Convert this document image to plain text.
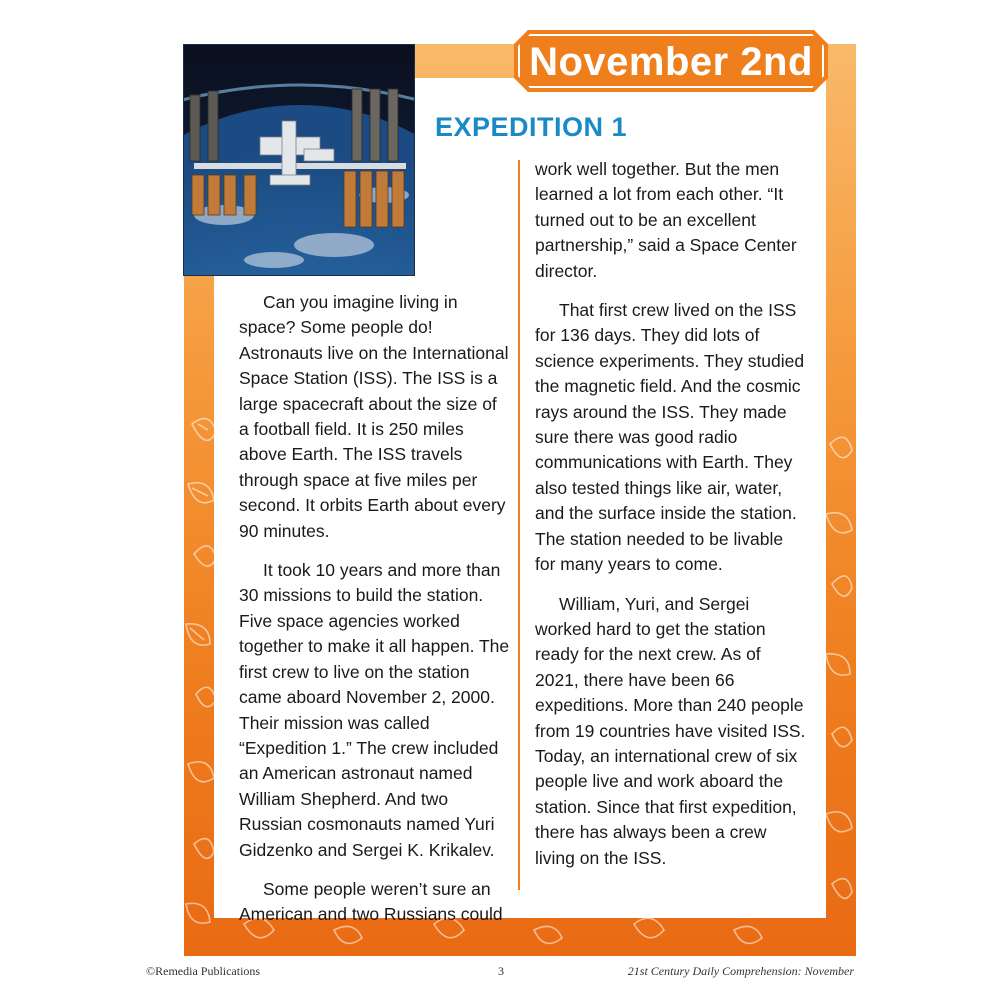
November 2nd
EXPEDITION 1

Can you imagine living in space? Some people do! Astronauts live on the International Space Station (ISS). The ISS is a large spacecraft about the size of a football field. It is 250 miles above Earth. The ISS travels through space at five miles per second. It orbits Earth about every 90 minutes.

It took 10 years and more than 30 missions to build the station. Five space agencies worked together to make it all happen. The first crew to live on the station came aboard November 2, 2000. Their mission was called “Expedition 1.” The crew included an American astronaut named William Shepherd. And two Russian cosmonauts named Yuri Gidzenko and Sergei K. Krikalev.

Some people weren’t sure an American and two Russians could

work well together. But the men learned a lot from each other. “It turned out to be an excellent partnership,” said a Space Center director.

That first crew lived on the ISS for 136 days. They did lots of science experiments. They studied the magnetic field. And the cosmic rays around the ISS. They made sure there was good radio communications with Earth. They also tested things like air, water, and the surface inside the station. The station needed to be livable for many years to come.

William, Yuri, and Sergei worked hard to get the station ready for the next crew. As of 2021, there have been 66 expeditions. More than 240 people from 19 countries have visited ISS. Today, an international crew of six people live and work aboard the station. Since that first expedition, there has always been a crew living on the ISS.

©Remedia Publications	3	21st Century Daily Comprehension: November
